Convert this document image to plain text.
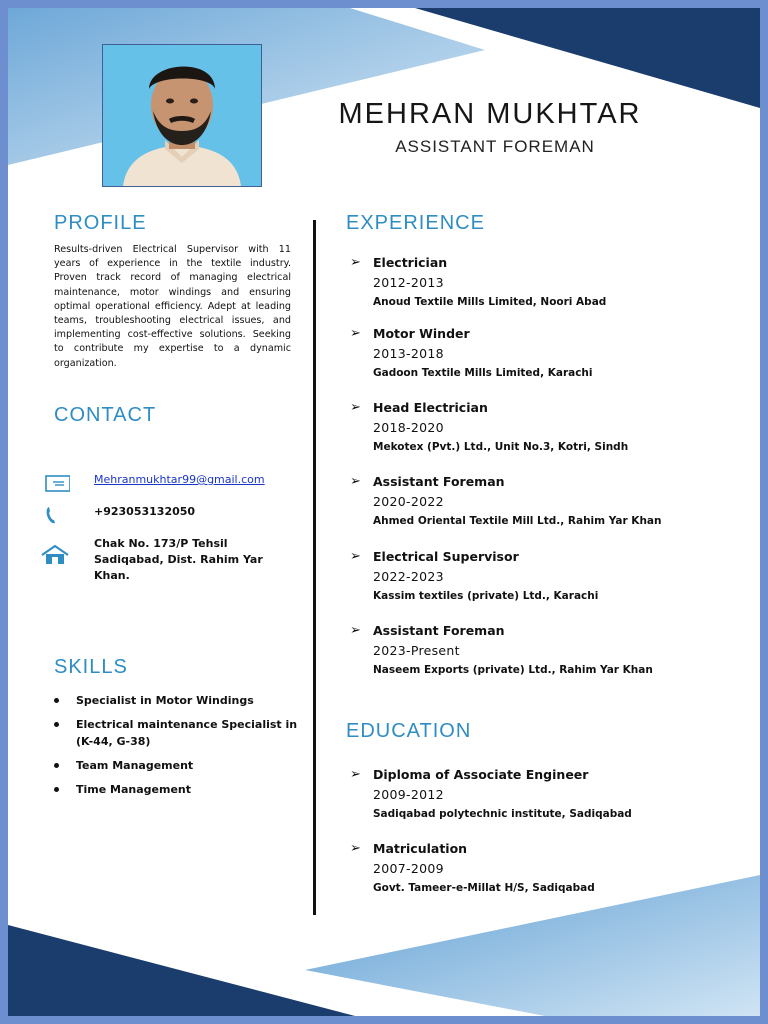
MEHRAN MUKHTAR
ASSISTANT FOREMAN
PROFILE
Results-driven Electrical Supervisor with 11 years of experience in the textile industry. Proven track record of managing electrical maintenance, motor windings and ensuring optimal operational efficiency. Adept at leading teams, troubleshooting electrical issues, and implementing cost-effective solutions. Seeking to contribute my expertise to a dynamic organization.
CONTACT
Mehranmukhtar99@gmail.com
+923053132050
Chak No. 173/P Tehsil Sadiqabad, Dist. Rahim Yar Khan.
SKILLS
Specialist in Motor Windings
Electrical maintenance Specialist in (K-44, G-38)
Team Management
Time Management
EXPERIENCE
➢ Electrician
2012-2013
Anoud Textile Mills Limited, Noori Abad
➢ Motor Winder
2013-2018
Gadoon Textile Mills Limited, Karachi
➢ Head Electrician
2018-2020
Mekotex (Pvt.) Ltd., Unit No.3, Kotri, Sindh
➢ Assistant Foreman
2020-2022
Ahmed Oriental Textile Mill Ltd., Rahim Yar Khan
➢ Electrical Supervisor
2022-2023
Kassim textiles (private) Ltd., Karachi
➢ Assistant Foreman
2023-Present
Naseem Exports (private) Ltd., Rahim Yar Khan
EDUCATION
➢ Diploma of Associate Engineer
2009-2012
Sadiqabad polytechnic institute, Sadiqabad
➢ Matriculation
2007-2009
Govt. Tameer-e-Millat H/S, Sadiqabad
